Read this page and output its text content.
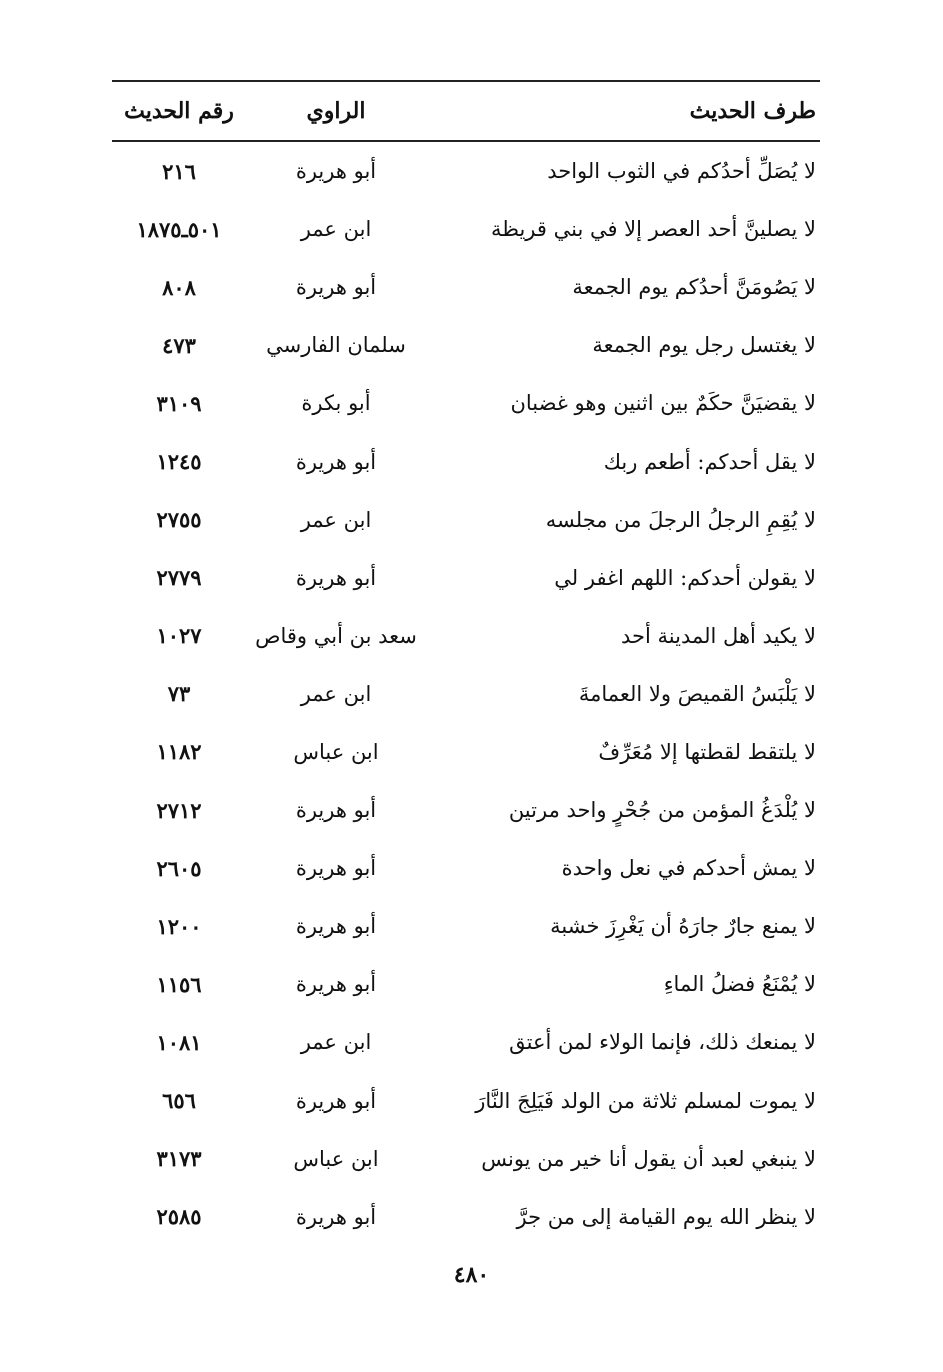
طرف الحديث
الراوي
رقم الحديث
لا يُصَلِّ أحدُكم في الثوب الواحد
أبو هريرة
٢١٦
لا يصلينَّ أحد العصر إلا في بني قريظة
ابن عمر
٥٠١ـ١٨٧٥
لا يَصُومَنَّ أحدُكم يوم الجمعة
أبو هريرة
٨٠٨
لا يغتسل رجل يوم الجمعة
سلمان الفارسي
٤٧٣
لا يقضيَنَّ حكَمٌ بين اثنين وهو غضبان
أبو بكرة
٣١٠٩
لا يقل أحدكم: أطعم ربك
أبو هريرة
١٢٤٥
لا يُقِمِ الرجلُ الرجلَ من مجلسه
ابن عمر
٢٧٥٥
لا يقولن أحدكم: اللهم اغفر لي
أبو هريرة
٢٧٧٩
لا يكيد أهل المدينة أحد
سعد بن أبي وقاص
١٠٢٧
لا يَلْبَسُ القميصَ ولا العمامةَ
ابن عمر
٧٣
لا يلتقط لقطتها إلا مُعَرِّفٌ
ابن عباس
١١٨٢
لا يُلْدَغُ المؤمن من جُحْرٍ واحد مرتين
أبو هريرة
٢٧١٢
لا يمش أحدكم في نعل واحدة
أبو هريرة
٢٦٠٥
لا يمنع جارٌ جارَهُ أن يَغْرِزَ خشبة
أبو هريرة
١٢٠٠
لا يُمْنَعُ فضلُ الماءِ
أبو هريرة
١١٥٦
لا يمنعك ذلك، فإنما الولاء لمن أعتق
ابن عمر
١٠٨١
لا يموت لمسلم ثلاثة من الولد فَيَلِجَ النَّارَ
أبو هريرة
٦٥٦
لا ينبغي لعبد أن يقول أنا خير من يونس
ابن عباس
٣١٧٣
لا ينظر الله يوم القيامة إلى من جرَّ
أبو هريرة
٢٥٨٥
٤٨٠
